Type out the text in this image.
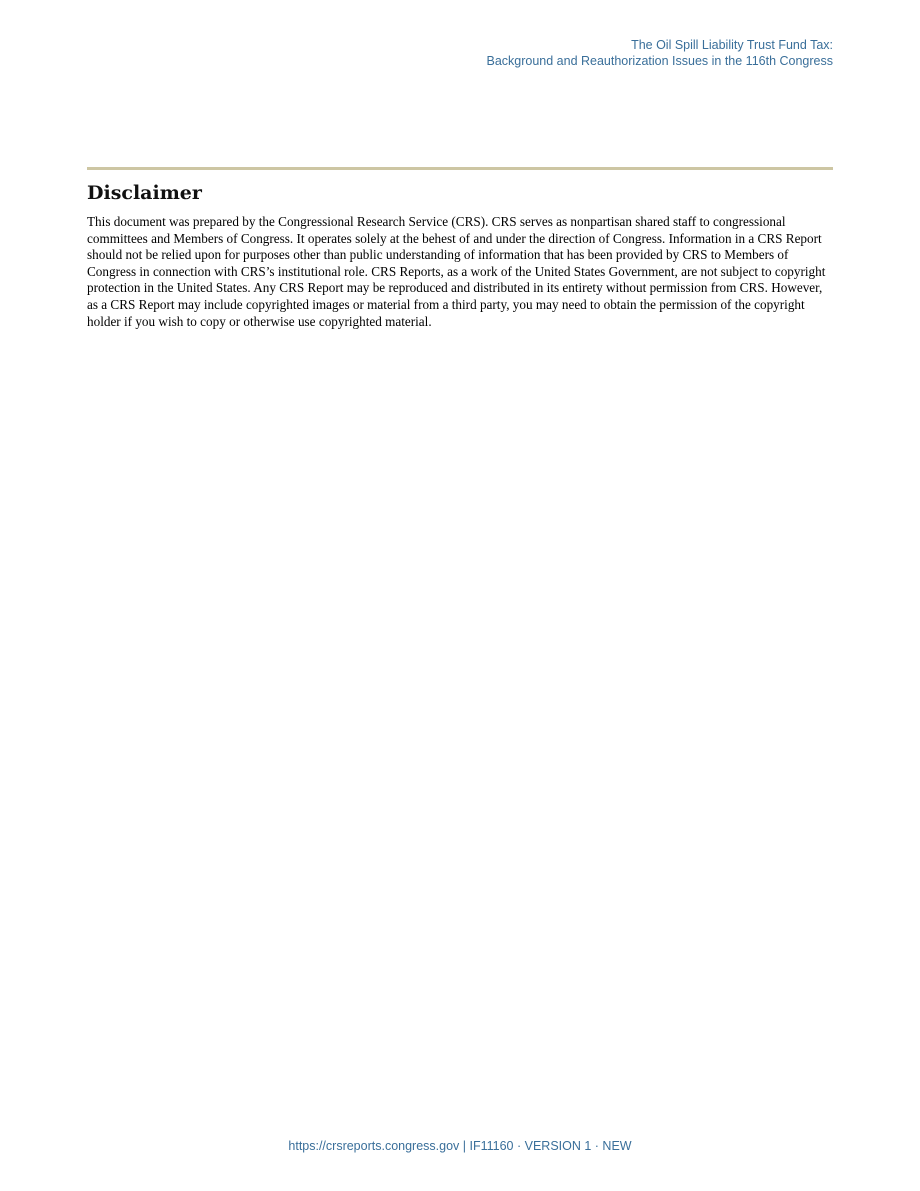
The Oil Spill Liability Trust Fund Tax:
Background and Reauthorization Issues in the 116th Congress
Disclaimer

This document was prepared by the Congressional Research Service (CRS). CRS serves as nonpartisan shared staff to congressional committees and Members of Congress. It operates solely at the behest of and under the direction of Congress. Information in a CRS Report should not be relied upon for purposes other than public understanding of information that has been provided by CRS to Members of Congress in connection with CRS’s institutional role. CRS Reports, as a work of the United States Government, are not subject to copyright protection in the United States. Any CRS Report may be reproduced and distributed in its entirety without permission from CRS. However, as a CRS Report may include copyrighted images or material from a third party, you may need to obtain the permission of the copyright holder if you wish to copy or otherwise use copyrighted material.

https://crsreports.congress.gov | IF11160 · VERSION 1 · NEW
